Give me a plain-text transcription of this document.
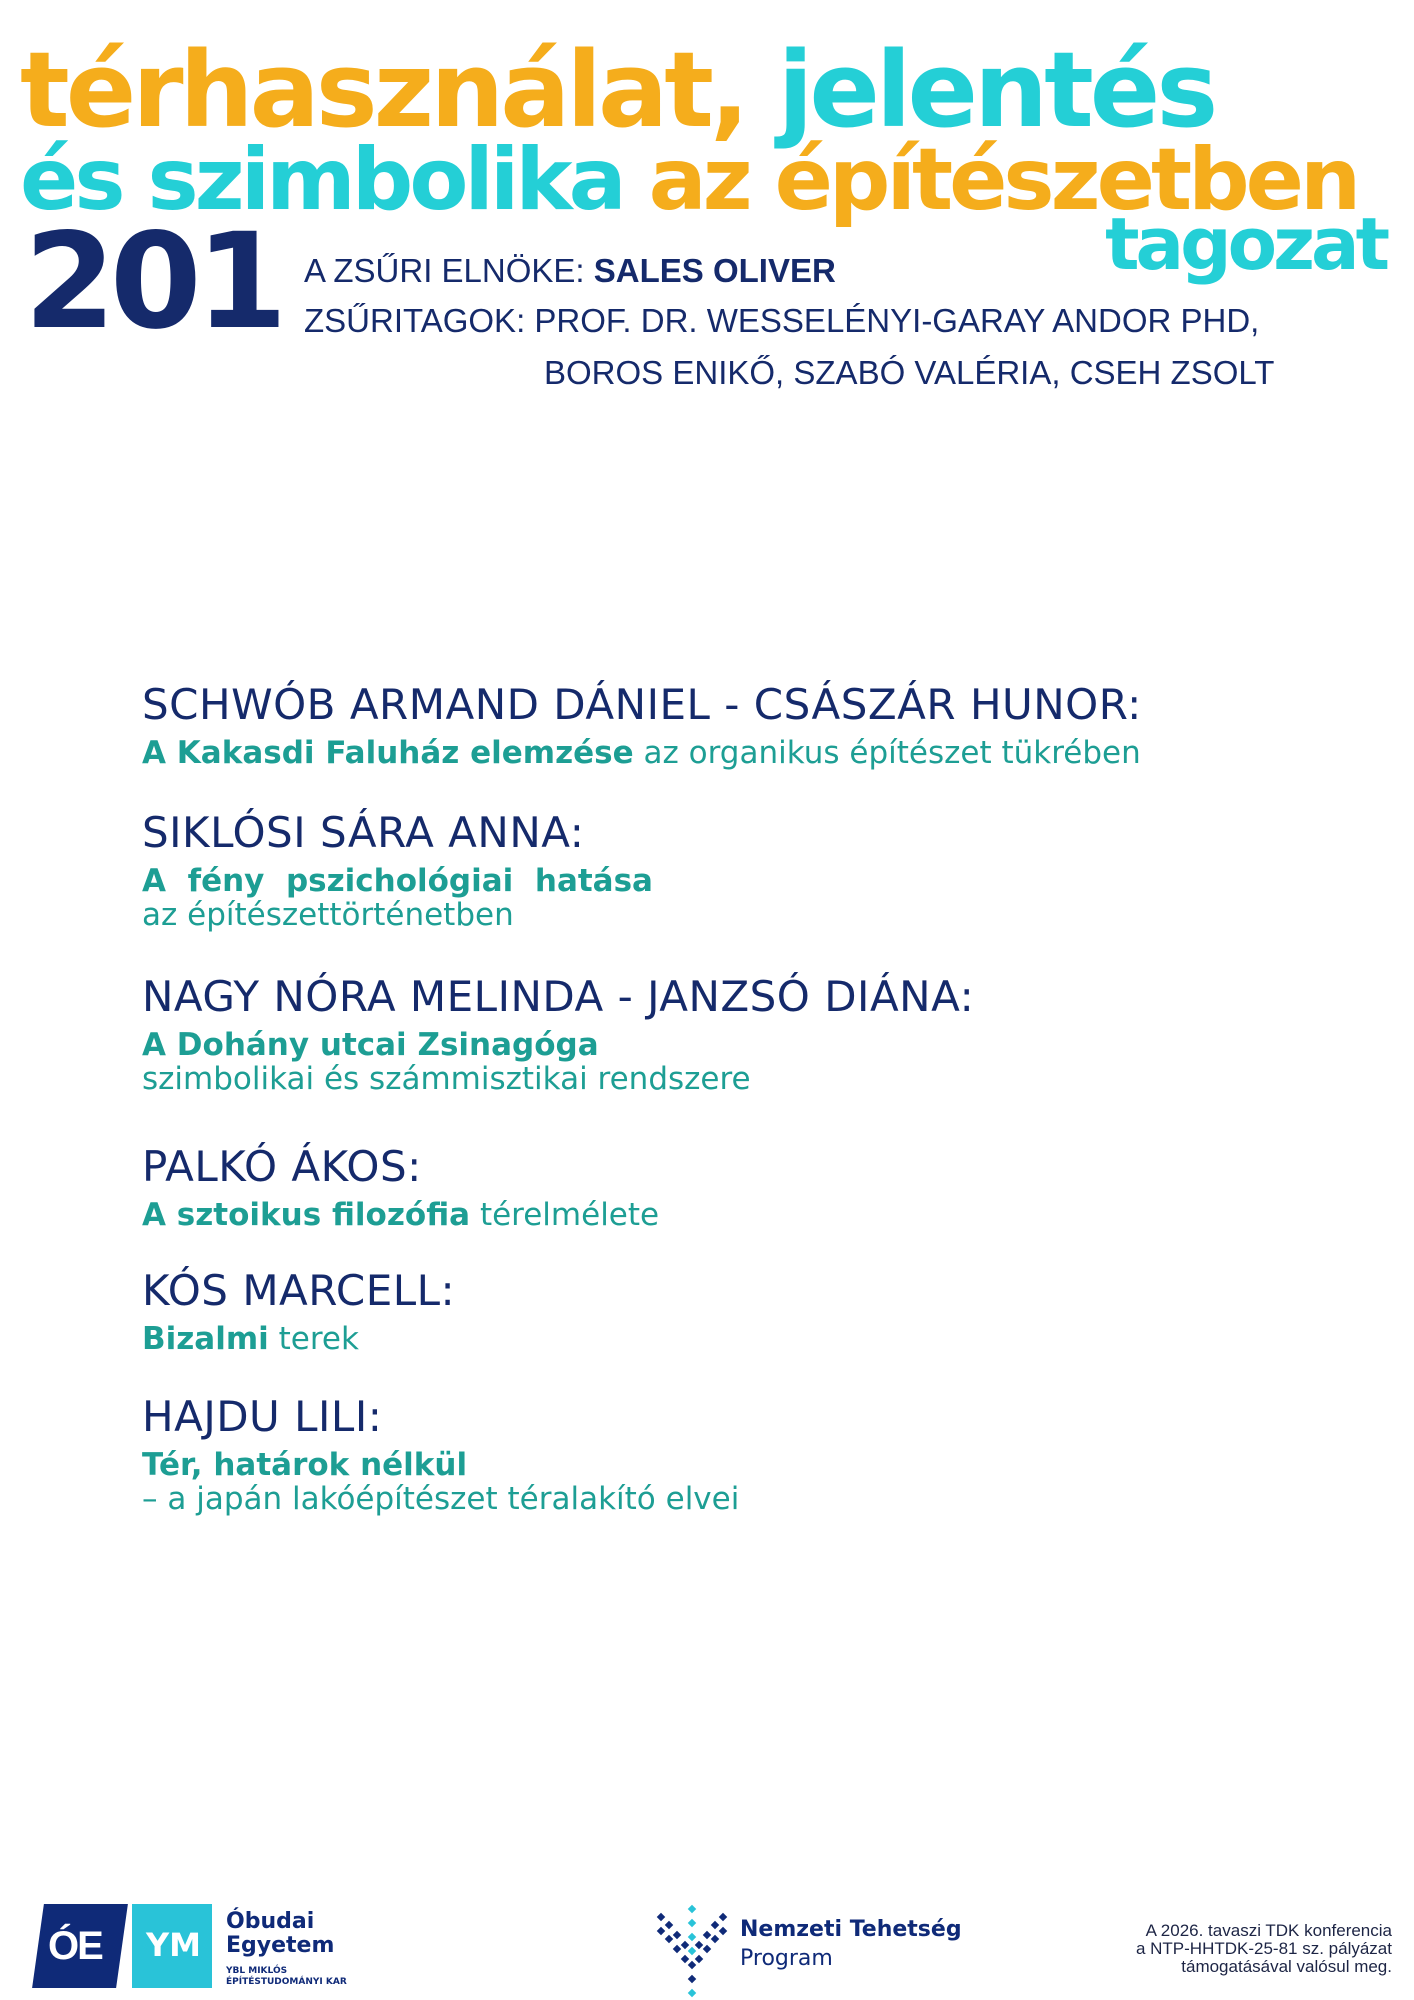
térhasználat, jelentés
és szimbolika az építészetben
tagozat
201 A ZSŰRI ELNÖKE: SALES OLIVER
ZSŰRITAGOK: PROF. DR. WESSELÉNYI-GARAY ANDOR PHD,
BOROS ENIKŐ, SZABÓ VALÉRIA, CSEH ZSOLT
SCHWÓB ARMAND DÁNIEL - CSÁSZÁR HUNOR:
A Kakasdi Faluház elemzése az organikus építészet tükrében
SIKLÓSI SÁRA ANNA:
A  fény  pszichológiai  hatása
az építészettörténetben
NAGY NÓRA MELINDA - JANZSÓ DIÁNA:
A Dohány utcai Zsinagóga
szimbolikai és számmisztikai rendszere
PALKÓ ÁKOS:
A sztoikus filozófia térelmélete
KÓS MARCELL:
Bizalmi terek
HAJDU LILI:
Tér, határok nélkül
– a japán lakóépítészet téralakító elvei
ÓE YM
Óbudai
Egyetem
YBL MIKLÓS
ÉPÍTÉSTUDOMÁNYI KAR
Nemzeti Tehetség
Program
A 2026. tavaszi TDK konferencia
a NTP-HHTDK-25-81 sz. pályázat
támogatásával valósul meg.
